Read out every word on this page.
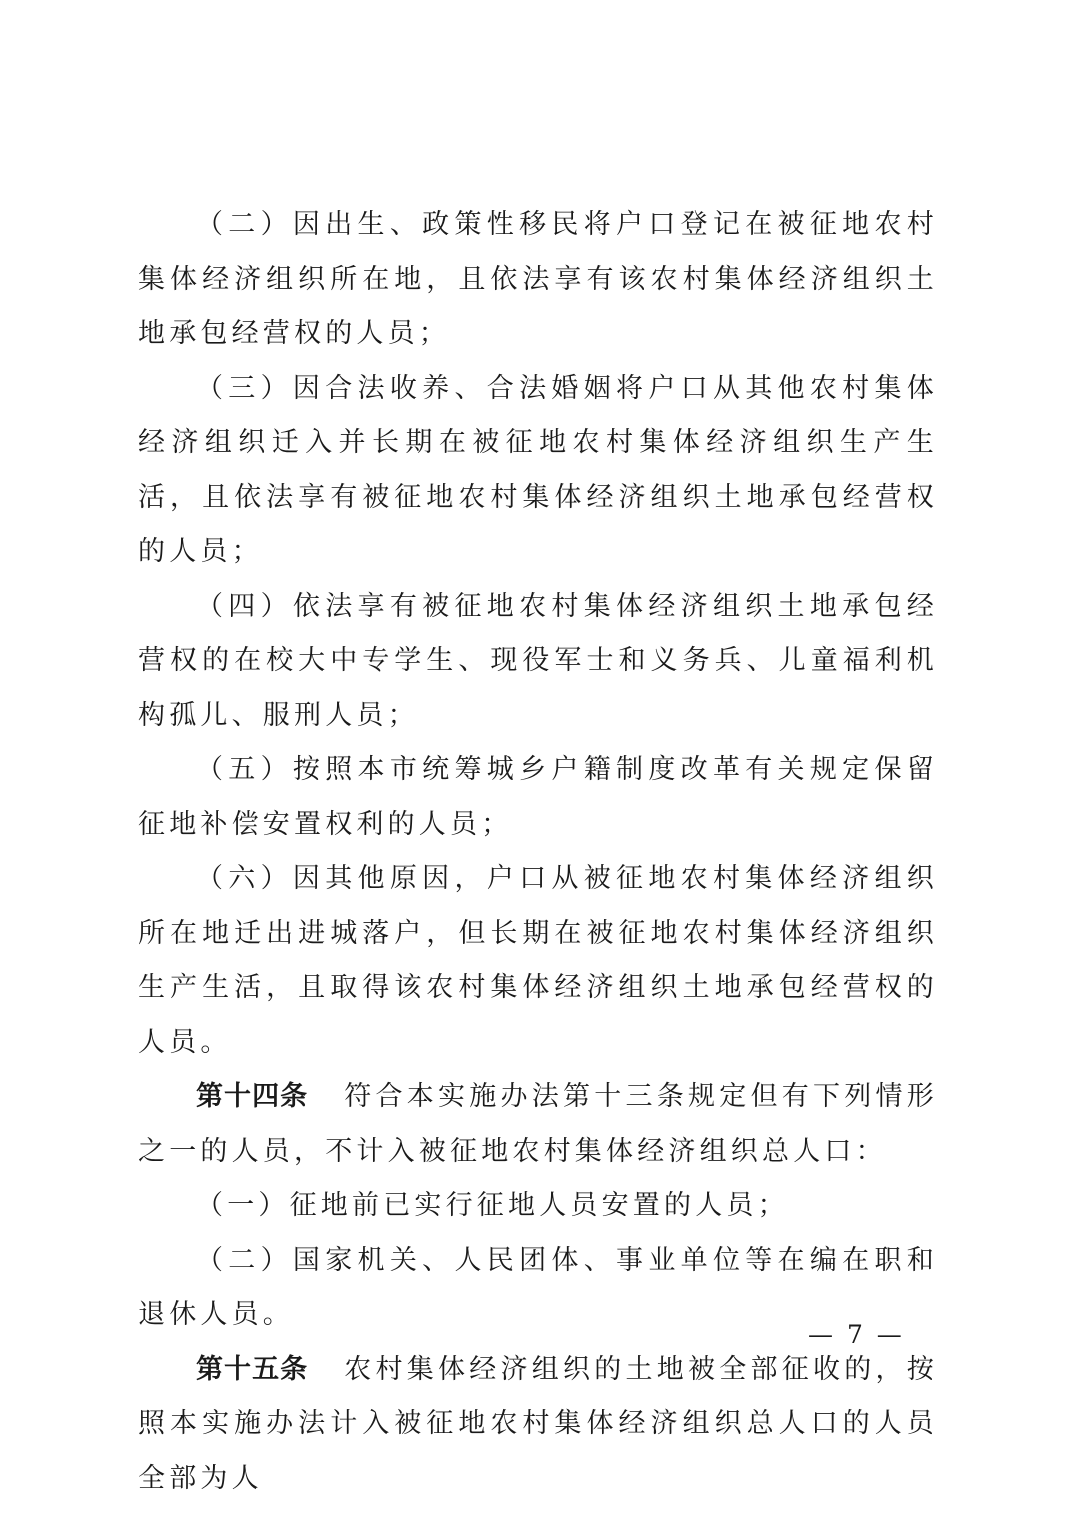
（二）因出生、政策性移民将户口登记在被征地农村集体经济组织所在地，且依法享有该农村集体经济组织土地承包经营权的人员；

（三）因合法收养、合法婚姻将户口从其他农村集体经济组织迁入并长期在被征地农村集体经济组织生产生活，且依法享有被征地农村集体经济组织土地承包经营权的人员；

（四）依法享有被征地农村集体经济组织土地承包经营权的在校大中专学生、现役军士和义务兵、儿童福利机构孤儿、服刑人员；

（五）按照本市统筹城乡户籍制度改革有关规定保留征地补偿安置权利的人员；

（六）因其他原因，户口从被征地农村集体经济组织所在地迁出进城落户，但长期在被征地农村集体经济组织生产生活，且取得该农村集体经济组织土地承包经营权的人员。

第十四条 符合本实施办法第十三条规定但有下列情形之一的人员，不计入被征地农村集体经济组织总人口：

（一）征地前已实行征地人员安置的人员；

（二）国家机关、人民团体、事业单位等在编在职和退休人员。

第十五条 农村集体经济组织的土地被全部征收的，按照本实施办法计入被征地农村集体经济组织总人口的人员全部为人

— 7 —
